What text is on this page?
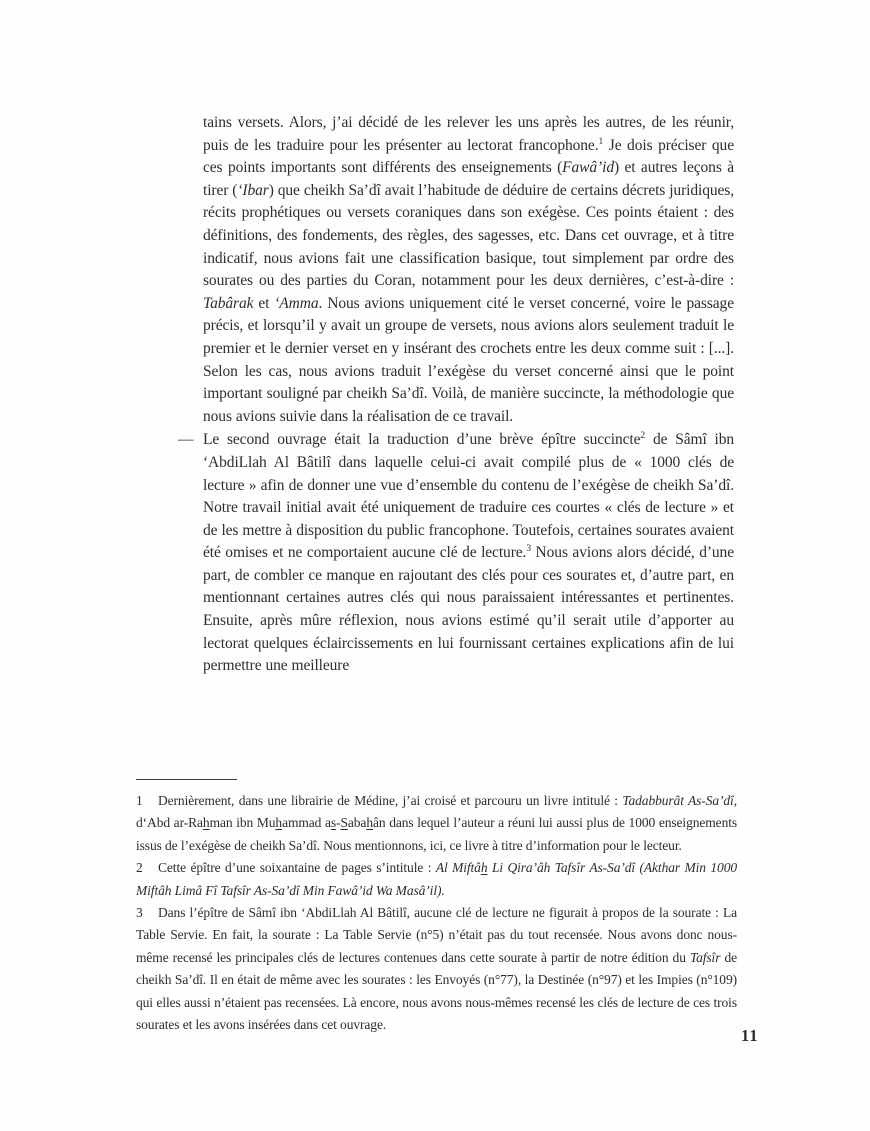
tains versets. Alors, j’ai décidé de les relever les uns après les autres, de les réunir, puis de les traduire pour les présenter au lectorat francophone.$^1$ Je dois préciser que ces points importants sont différents des enseignements (Fawâ’id) et autres leçons à tirer (‘Ibar) que cheikh Sa’dî avait l’habitude de déduire de certains décrets juridiques, récits prophétiques ou versets coraniques dans son exégèse. Ces points étaient : des définitions, des fondements, des règles, des sagesses, etc. Dans cet ouvrage, et à titre indicatif, nous avions fait une classification basique, tout simplement par ordre des sourates ou des parties du Coran, notamment pour les deux dernières, c’est-à-dire : Tabârak et ‘Amma. Nous avions uniquement cité le verset concerné, voire le passage précis, et lorsqu’il y avait un groupe de versets, nous avions alors seulement traduit le premier et le dernier verset en y insérant des crochets entre les deux comme suit : [...]. Selon les cas, nous avions traduit l’exégèse du verset concerné ainsi que le point important souligné par cheikh Sa’dî. Voilà, de manière succincte, la méthodologie que nous avions suivie dans la réalisation de ce travail.

— Le second ouvrage était la traduction d’une brève épître succincte$^2$ de Sâmî ibn ‘AbdiLlah Al Bâtilî dans laquelle celui-ci avait compilé plus de « 1000 clés de lecture » afin de donner une vue d’ensemble du contenu de l’exégèse de cheikh Sa’dî. Notre travail initial avait été uniquement de traduire ces courtes « clés de lecture » et de les mettre à disposition du public francophone. Toutefois, certaines sourates avaient été omises et ne comportaient aucune clé de lecture.$^3$ Nous avions alors décidé, d’une part, de combler ce manque en rajoutant des clés pour ces sourates et, d’autre part, en mentionnant certaines autres clés qui nous paraissaient intéressantes et pertinentes. Ensuite, après mûre réflexion, nous avions estimé qu’il serait utile d’apporter au lectorat quelques éclaircissements en lui fournissant certaines explications afin de lui permettre une meilleure

1 Dernièrement, dans une librairie de Médine, j’ai croisé et parcouru un livre intitulé : Tadabburât As-Sa’dî, d‘Abd ar-Rahman ibn Muhammad as-Sabahân dans lequel l’auteur a réuni lui aussi plus de 1000 enseignements issus de l’exégèse de cheikh Sa’dî. Nous mentionnons, ici, ce livre à titre d’information pour le lecteur.

2 Cette épître d’une soixantaine de pages s’intitule : Al Miftâh Li Qira’âh Tafsîr As-Sa’dî (Akthar Min 1000 Miftâh Limâ Fî Tafsîr As-Sa’dî Min Fawâ’id Wa Masâ’il).

3 Dans l’épître de Sâmî ibn ‘AbdiLlah Al Bâtilî, aucune clé de lecture ne figurait à propos de la sourate : La Table Servie. En fait, la sourate : La Table Servie (n°5) n’était pas du tout recensée. Nous avons donc nous-même recensé les principales clés de lectures contenues dans cette sourate à partir de notre édition du Tafsîr de cheikh Sa’dî. Il en était de même avec les sourates : les Envoyés (n°77), la Destinée (n°97) et les Impies (n°109) qui elles aussi n’étaient pas recensées. Là encore, nous avons nous-mêmes recensé les clés de lecture de ces trois sourates et les avons insérées dans cet ouvrage.

11
